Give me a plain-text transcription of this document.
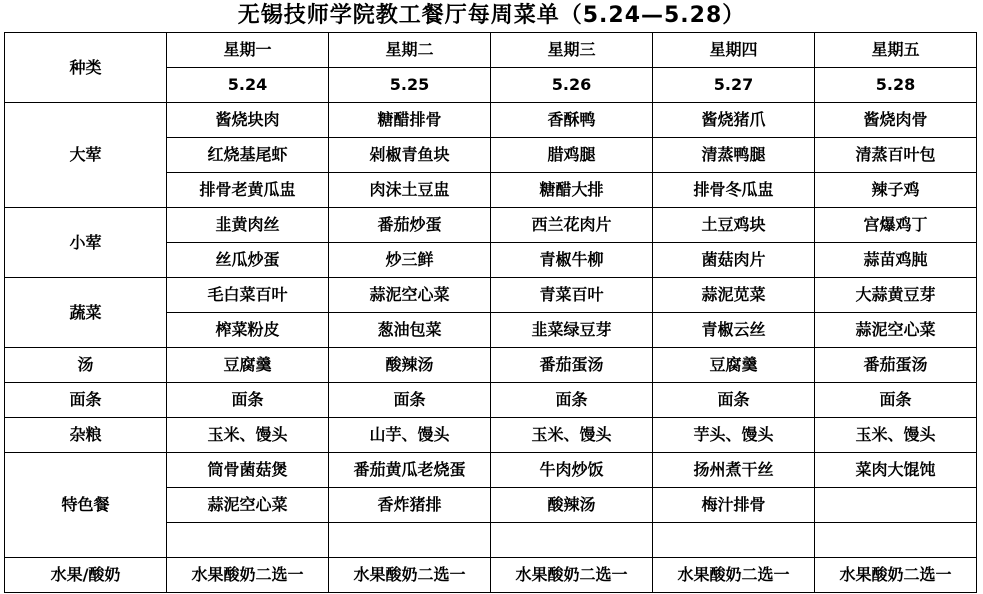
无锡技师学院教工餐厅每周菜单（5.24—5.28）
种类	星期一	星期二	星期三	星期四	星期五
	5.24	5.25	5.26	5.27	5.28
大荤	酱烧块肉	糖醋排骨	香酥鸭	酱烧猪爪	酱烧肉骨
	红烧基尾虾	剁椒青鱼块	腊鸡腿	清蒸鸭腿	清蒸百叶包
	排骨老黄瓜盅	肉沫土豆盅	糖醋大排	排骨冬瓜盅	辣子鸡
小荤	韭黄肉丝	番茄炒蛋	西兰花肉片	土豆鸡块	宫爆鸡丁
	丝瓜炒蛋	炒三鲜	青椒牛柳	菌菇肉片	蒜苗鸡肫
蔬菜	毛白菜百叶	蒜泥空心菜	青菜百叶	蒜泥苋菜	大蒜黄豆芽
	榨菜粉皮	葱油包菜	韭菜绿豆芽	青椒云丝	蒜泥空心菜
汤	豆腐羹	酸辣汤	番茄蛋汤	豆腐羹	番茄蛋汤
面条	面条	面条	面条	面条	面条
杂粮	玉米、馒头	山芋、馒头	玉米、馒头	芋头、馒头	玉米、馒头
特色餐	筒骨菌菇煲	番茄黄瓜老烧蛋	牛肉炒饭	扬州煮干丝	菜肉大馄饨
	蒜泥空心菜	香炸猪排	酸辣汤	梅汁排骨	

水果/酸奶	水果酸奶二选一	水果酸奶二选一	水果酸奶二选一	水果酸奶二选一	水果酸奶二选一
